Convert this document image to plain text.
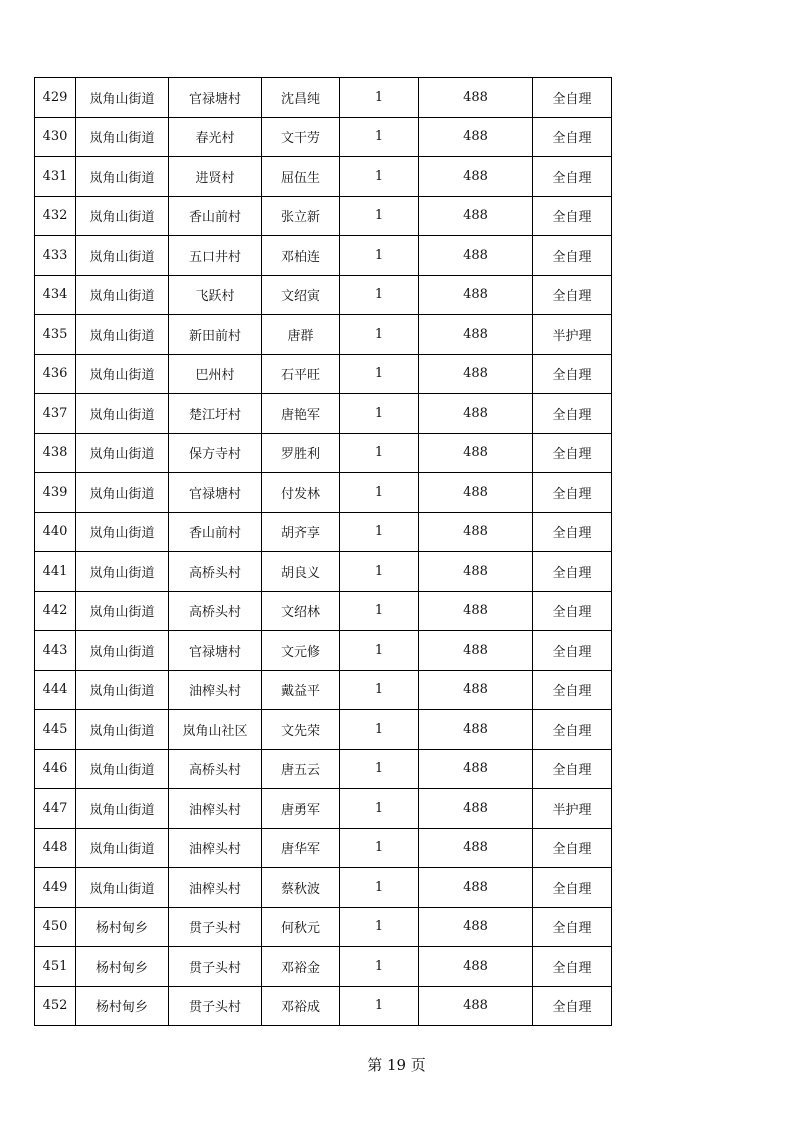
429	岚角山街道	官禄塘村	沈昌纯	1	488	全自理
430	岚角山街道	春光村	文干劳	1	488	全自理
431	岚角山街道	进贤村	屈伍生	1	488	全自理
432	岚角山街道	香山前村	张立新	1	488	全自理
433	岚角山街道	五口井村	邓柏连	1	488	全自理
434	岚角山街道	飞跃村	文绍寅	1	488	全自理
435	岚角山街道	新田前村	唐群	1	488	半护理
436	岚角山街道	巴州村	石平旺	1	488	全自理
437	岚角山街道	楚江圩村	唐艳军	1	488	全自理
438	岚角山街道	保方寺村	罗胜利	1	488	全自理
439	岚角山街道	官禄塘村	付发林	1	488	全自理
440	岚角山街道	香山前村	胡齐享	1	488	全自理
441	岚角山街道	高桥头村	胡良义	1	488	全自理
442	岚角山街道	高桥头村	文绍林	1	488	全自理
443	岚角山街道	官禄塘村	文元修	1	488	全自理
444	岚角山街道	油榨头村	戴益平	1	488	全自理
445	岚角山街道	岚角山社区	文先荣	1	488	全自理
446	岚角山街道	高桥头村	唐五云	1	488	全自理
447	岚角山街道	油榨头村	唐勇军	1	488	半护理
448	岚角山街道	油榨头村	唐华军	1	488	全自理
449	岚角山街道	油榨头村	蔡秋波	1	488	全自理
450	杨村甸乡	贯子头村	何秋元	1	488	全自理
451	杨村甸乡	贯子头村	邓裕金	1	488	全自理
452	杨村甸乡	贯子头村	邓裕成	1	488	全自理
第 19 页
